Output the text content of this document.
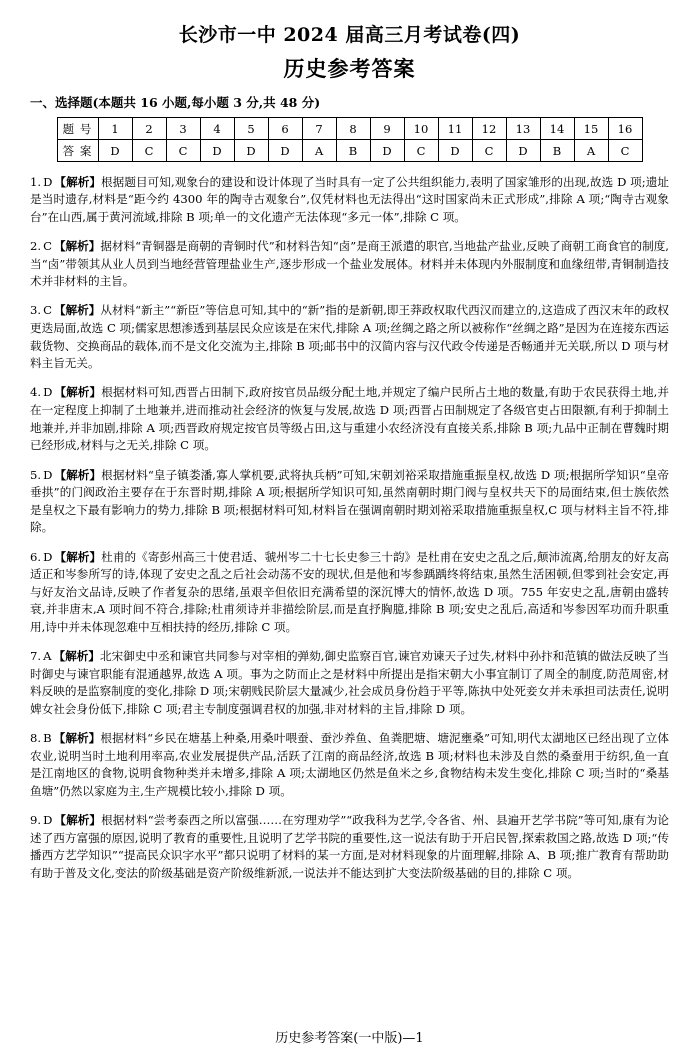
长沙市一中 2024 届高三月考试卷(四)
历史参考答案
一、选择题(本题共 16 小题,每小题 3 分,共 48 分)
题 号	1	2	3	4	5	6	7	8	9	10	11	12	13	14	15	16
答 案	D	C	C	D	D	D	A	B	D	C	D	C	D	B	A	C

1. D 【解析】根据题目可知,观象台的建设和设计体现了当时具有一定了公共组织能力,表明了国家雏形的出现,故选 D 项;遗址是当时遗存,材料是“距今约 4300 年的陶寺古观象台”,仅凭材料也无法得出“这时国家尚未正式形成”,排除 A 项;“陶寺古观象台”在山西,属于黄河流域,排除 B 项;单一的文化遗产无法体现“多元一体”,排除 C 项。

2. C 【解析】据材料“青铜器是商朝的青铜时代”和材料告知“卤”是商王派遣的职官,当地盐产盐业,反映了商朝工商食官的制度,当“卤”带领其从业人员到当地经营管理盐业生产,逐步形成一个盐业发展体。材料并未体现内外服制度和血缘纽带,青铜制造技术并非材料的主旨。

3. C 【解析】从材料“新主”“新臣”等信息可知,其中的“新”指的是新朝,即王莽政权取代西汉而建立的,这造成了西汉末年的政权更迭局面,故选 C 项;儒家思想渗透到基层民众应该是在宋代,排除 A 项;丝绸之路之所以被称作“丝绸之路”是因为在连接东西运载货物、交换商品的载体,而不是文化交流为主,排除 B 项;邮书中的汉简内容与汉代政令传递是否畅通并无关联,所以 D 项与材料主旨无关。

4. D 【解析】根据材料可知,西晋占田制下,政府按官员品级分配土地,并规定了编户民所占土地的数量,有助于农民获得土地,并在一定程度上抑制了土地兼并,进而推动社会经济的恢复与发展,故选 D 项;西晋占田制规定了各级官吏占田限额,有利于抑制土地兼并,并非加剧,排除 A 项;西晋政府规定按官员等级占田,这与重建小农经济没有直接关系,排除 B 项;九品中正制在曹魏时期已经形成,材料与之无关,排除 C 项。

5. D 【解析】根据材料“皇子镇娄潘,寡人掌机要,武将执兵柄”可知,宋朝刘裕采取措施重振皇权,故选 D 项;根据所学知识“皇帝垂拱”的门阀政治主要存在于东晋时期,排除 A 项;根据所学知识可知,虽然南朝时期门阀与皇权共天下的局面结束,但士族依然是皇权之下最有影响力的势力,排除 B 项;根据材料可知,材料旨在强调南朝时期刘裕采取措施重振皇权,C 项与材料主旨不符,排除。

6. D 【解析】杜甫的《寄彭州高三十使君适、虢州岑二十七长史参三十韵》是杜甫在安史之乱之后,颠沛流离,给朋友的好友高适正和岑参所写的诗,体现了安史之乱之后社会动荡不安的现状,但是他和岑参踽踽终将结束,虽然生活困顿,但零到社会安定,再与好友治文品诗,反映了作者复杂的思绪,虽艰辛但依旧充满希望的深沉博大的情怀,故选 D 项。755 年安史之乱,唐朝由盛转衰,并非唐末,A 项时间不符合,排除;杜甫须诗并非描绘阶层,而是直抒胸臆,排除 B 项;安史之乱后,高适和岑参因军功而升职重用,诗中并未体现忽难中互相扶持的经历,排除 C 项。

7. A 【解析】北宋御史中丞和谏官共同参与对宰相的弹劾,御史监察百官,谏官劝谏天子过失,材料中孙抃和范镇的做法反映了当时御史与谏官职能有混通越界,故选 A 项。事为之防而止之是材料中所提出是指宋朝大小事宜制订了周全的制度,防范周密,材料反映的是监察制度的变化,排除 D 项;宋朝贱民阶层大量减少,社会成员身份趋于平等,陈执中处死妾女并未承担司法责任,说明婢女社会身份低下,排除 C 项;君主专制度强调君权的加强,非对材料的主旨,排除 D 项。

8. B 【解析】根据材料“乡民在塘基上种桑,用桑叶喂蚕、蚕沙养鱼、鱼粪肥塘、塘泥壅桑”可知,明代太湖地区已经出现了立体农业,说明当时土地利用率高,农业发展提供产品,活跃了江南的商品经济,故选 B 项;材料也未涉及自然的桑蚕用于纺织,鱼一直是江南地区的食物,说明食物种类并未增多,排除 A 项;太湖地区仍然是鱼米之乡,食物结构未发生变化,排除 C 项;当时的“桑基鱼塘”仍然以家庭为主,生产规模比较小,排除 D 项。

9. D 【解析】根据材料“尝考泰西之所以富强……在穷理劝学”“政我科为艺学,令各省、州、县遍开艺学书院”等可知,康有为论述了西方富强的原因,说明了教育的重要性,且说明了艺学书院的重要性,这一说法有助于开启民智,探索救国之路,故选 D 项;“传播西方艺学知识”“提高民众识字水平”都只说明了材料的某一方面,是对材料现象的片面理解,排除 A、B 项;推广教育有帮助助有助于普及文化,变法的阶级基础是资产阶级维新派,一说法并不能达到扩大变法阶级基础的目的,排除 C 项。

历史参考答案(一中版)—1
